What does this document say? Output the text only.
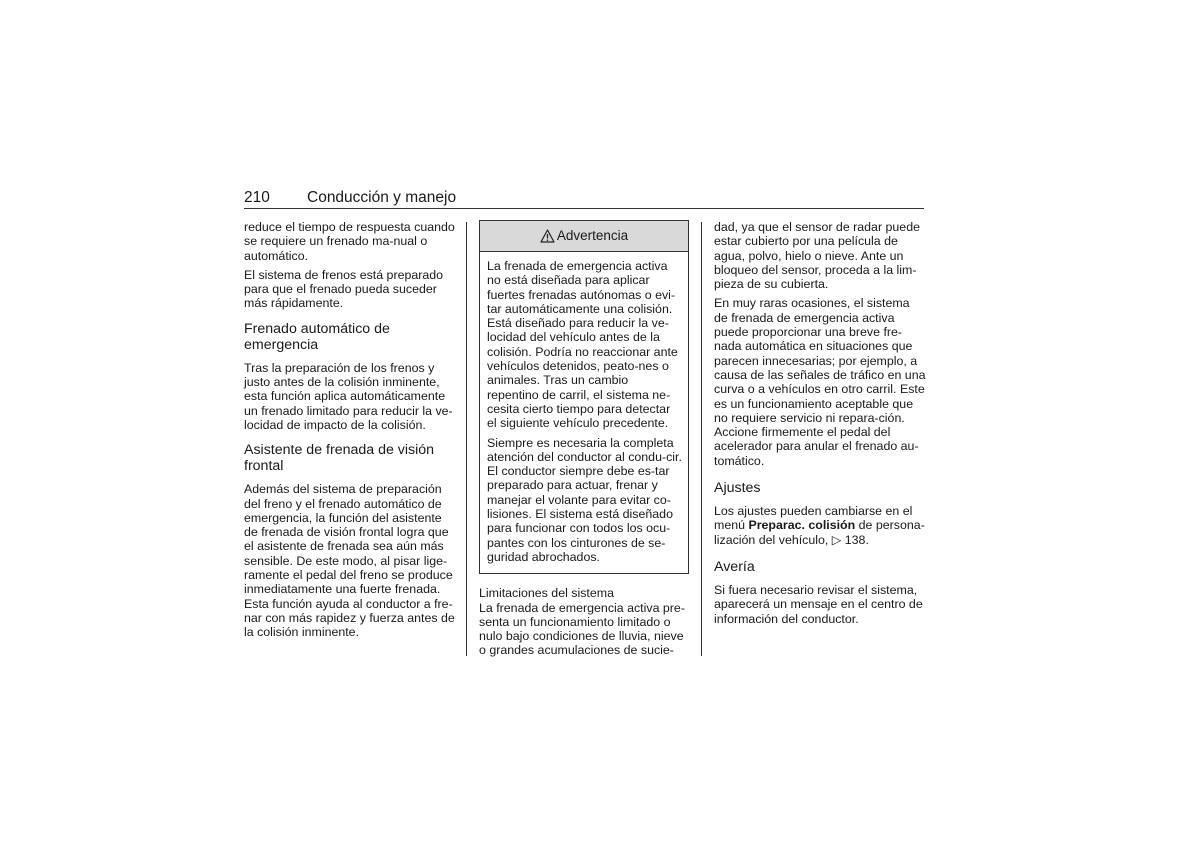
210 Conducción y manejo

reduce el tiempo de respuesta cuando se requiere un frenado ma-nual o automático.

El sistema de frenos está preparado para que el frenado pueda suceder más rápidamente.

Frenado automático de emergencia

Tras la preparación de los frenos y justo antes de la colisión inminente, esta función aplica automáticamente un frenado limitado para reducir la ve-locidad de impacto de la colisión.

Asistente de frenada de visión frontal

Además del sistema de preparación del freno y el frenado automático de emergencia, la función del asistente de frenada de visión frontal logra que el asistente de frenada sea aún más sensible. De este modo, al pisar lige-ramente el pedal del freno se produce inmediatamente una fuerte frenada. Esta función ayuda al conductor a fre-nar con más rapidez y fuerza antes de la colisión inminente.

Advertencia

La frenada de emergencia activa no está diseñada para aplicar fuertes frenadas autónomas o evi-tar automáticamente una colisión. Está diseñado para reducir la ve-locidad del vehículo antes de la colisión. Podría no reaccionar ante vehículos detenidos, peato-nes o animales. Tras un cambio repentino de carril, el sistema ne-cesita cierto tiempo para detectar el siguiente vehículo precedente.

Siempre es necesaria la completa atención del conductor al condu-cir. El conductor siempre debe es-tar preparado para actuar, frenar y manejar el volante para evitar co-lisiones. El sistema está diseñado para funcionar con todos los ocu-pantes con los cinturones de se-guridad abrochados.

Limitaciones del sistema

La frenada de emergencia activa pre-senta un funcionamiento limitado o nulo bajo condiciones de lluvia, nieve o grandes acumulaciones de sucie-

dad, ya que el sensor de radar puede estar cubierto por una película de agua, polvo, hielo o nieve. Ante un bloqueo del sensor, proceda a la lim-pieza de su cubierta.

En muy raras ocasiones, el sistema de frenada de emergencia activa puede proporcionar una breve fre-nada automática en situaciones que parecen innecesarias; por ejemplo, a causa de las señales de tráfico en una curva o a vehículos en otro carril. Este es un funcionamiento aceptable que no requiere servicio ni repara-ción. Accione firmemente el pedal del acelerador para anular el frenado au-tomático.

Ajustes

Los ajustes pueden cambiarse en el menú Preparac. colisión de persona-lización del vehículo, ▷ 138.

Avería

Si fuera necesario revisar el sistema, aparecerá un mensaje en el centro de información del conductor.
